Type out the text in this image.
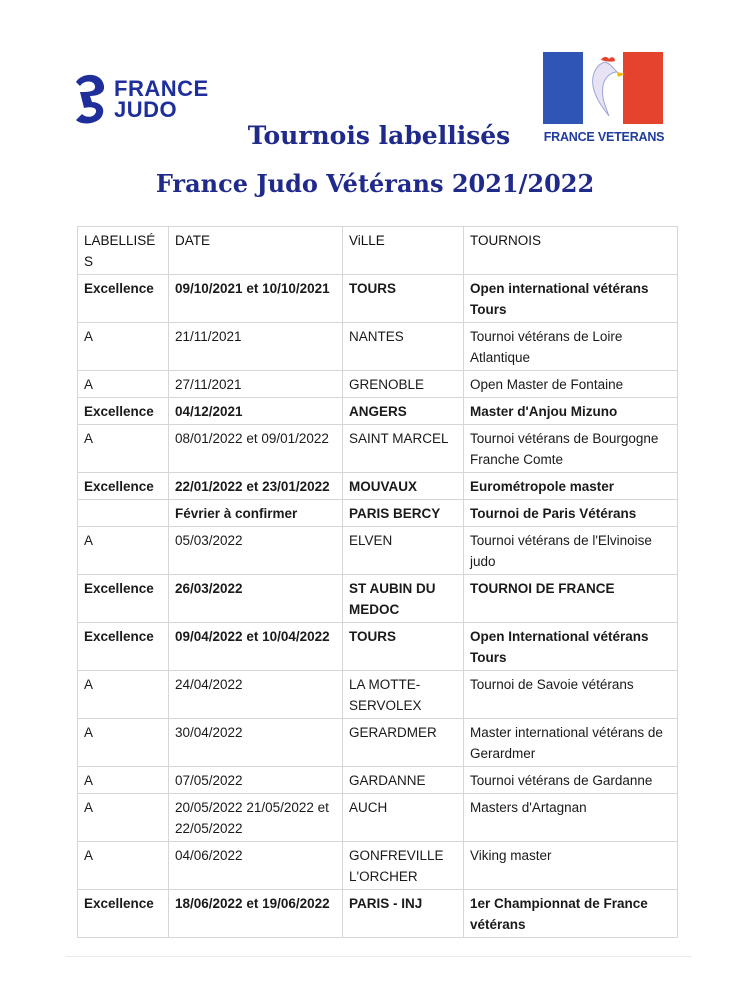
FRANCE
JUDO
FRANCE VETERANS
Tournois labellisés
France Judo Vétérans 2021/2022
LABELLISÉS	DATE	ViLLE	TOURNOIS
Excellence	09/10/2021 et 10/10/2021	TOURS	Open international vétérans Tours
A	21/11/2021	NANTES	Tournoi vétérans de Loire Atlantique
A	27/11/2021	GRENOBLE	Open Master de Fontaine
Excellence	04/12/2021	ANGERS	Master d'Anjou Mizuno
A	08/01/2022 et 09/01/2022	SAINT MARCEL	Tournoi vétérans de Bourgogne Franche Comte
Excellence	22/01/2022 et 23/01/2022	MOUVAUX	Eurométropole master
	Février à confirmer	PARIS BERCY	Tournoi de Paris Vétérans
A	05/03/2022	ELVEN	Tournoi vétérans de l'Elvinoise judo
Excellence	26/03/2022	ST AUBIN DU MEDOC	TOURNOI DE FRANCE
Excellence	09/04/2022 et 10/04/2022	TOURS	Open International vétérans Tours
A	24/04/2022	LA MOTTE-SERVOLEX	Tournoi de Savoie vétérans
A	30/04/2022	GERARDMER	Master international vétérans de Gerardmer
A	07/05/2022	GARDANNE	Tournoi vétérans de Gardanne
A	20/05/2022 21/05/2022 et 22/05/2022	AUCH	Masters d'Artagnan
A	04/06/2022	GONFREVILLE L'ORCHER	Viking master
Excellence	18/06/2022 et 19/06/2022	PARIS - INJ	1er Championnat de France vétérans
